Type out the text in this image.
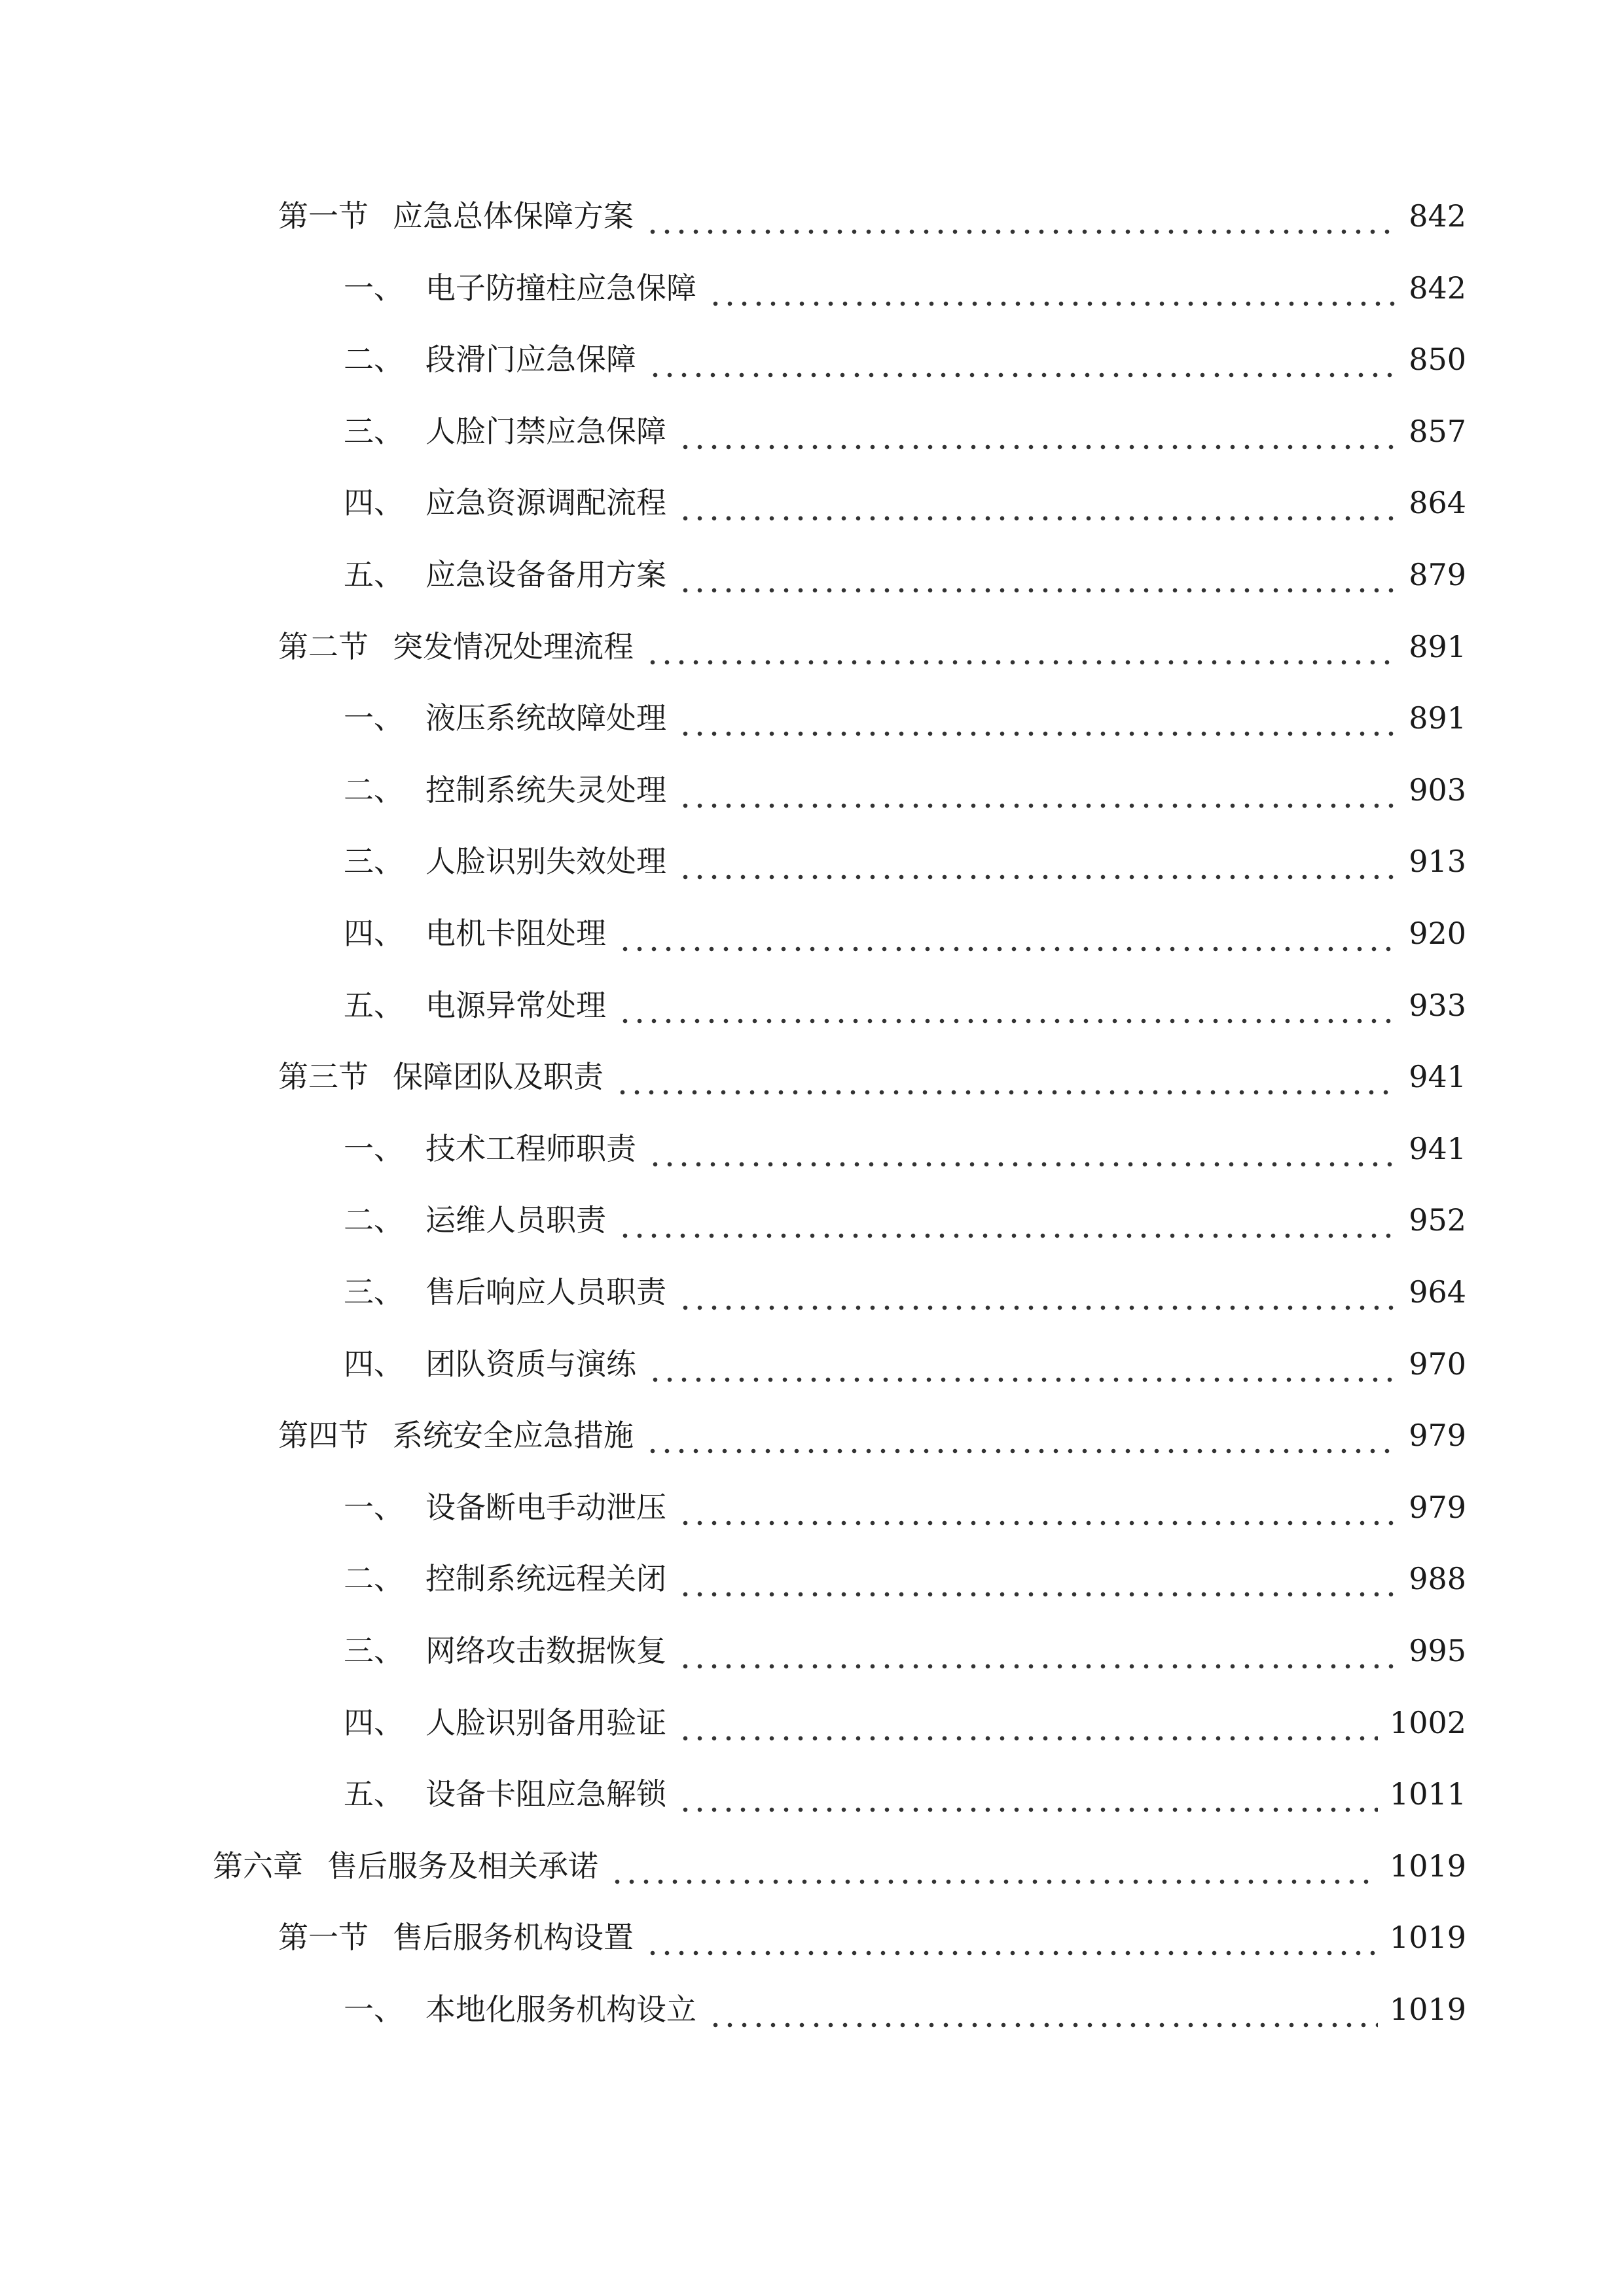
第一节 应急总体保障方案	842
一、 电子防撞柱应急保障	842
二、 段滑门应急保障	850
三、 人脸门禁应急保障	857
四、 应急资源调配流程	864
五、 应急设备备用方案	879
第二节 突发情况处理流程	891
一、 液压系统故障处理	891
二、 控制系统失灵处理	903
三、 人脸识别失效处理	913
四、 电机卡阻处理	920
五、 电源异常处理	933
第三节 保障团队及职责	941
一、 技术工程师职责	941
二、 运维人员职责	952
三、 售后响应人员职责	964
四、 团队资质与演练	970
第四节 系统安全应急措施	979
一、 设备断电手动泄压	979
二、 控制系统远程关闭	988
三、 网络攻击数据恢复	995
四、 人脸识别备用验证	1002
五、 设备卡阻应急解锁	1011
第六章 售后服务及相关承诺	1019
第一节 售后服务机构设置	1019
一、 本地化服务机构设立	1019
